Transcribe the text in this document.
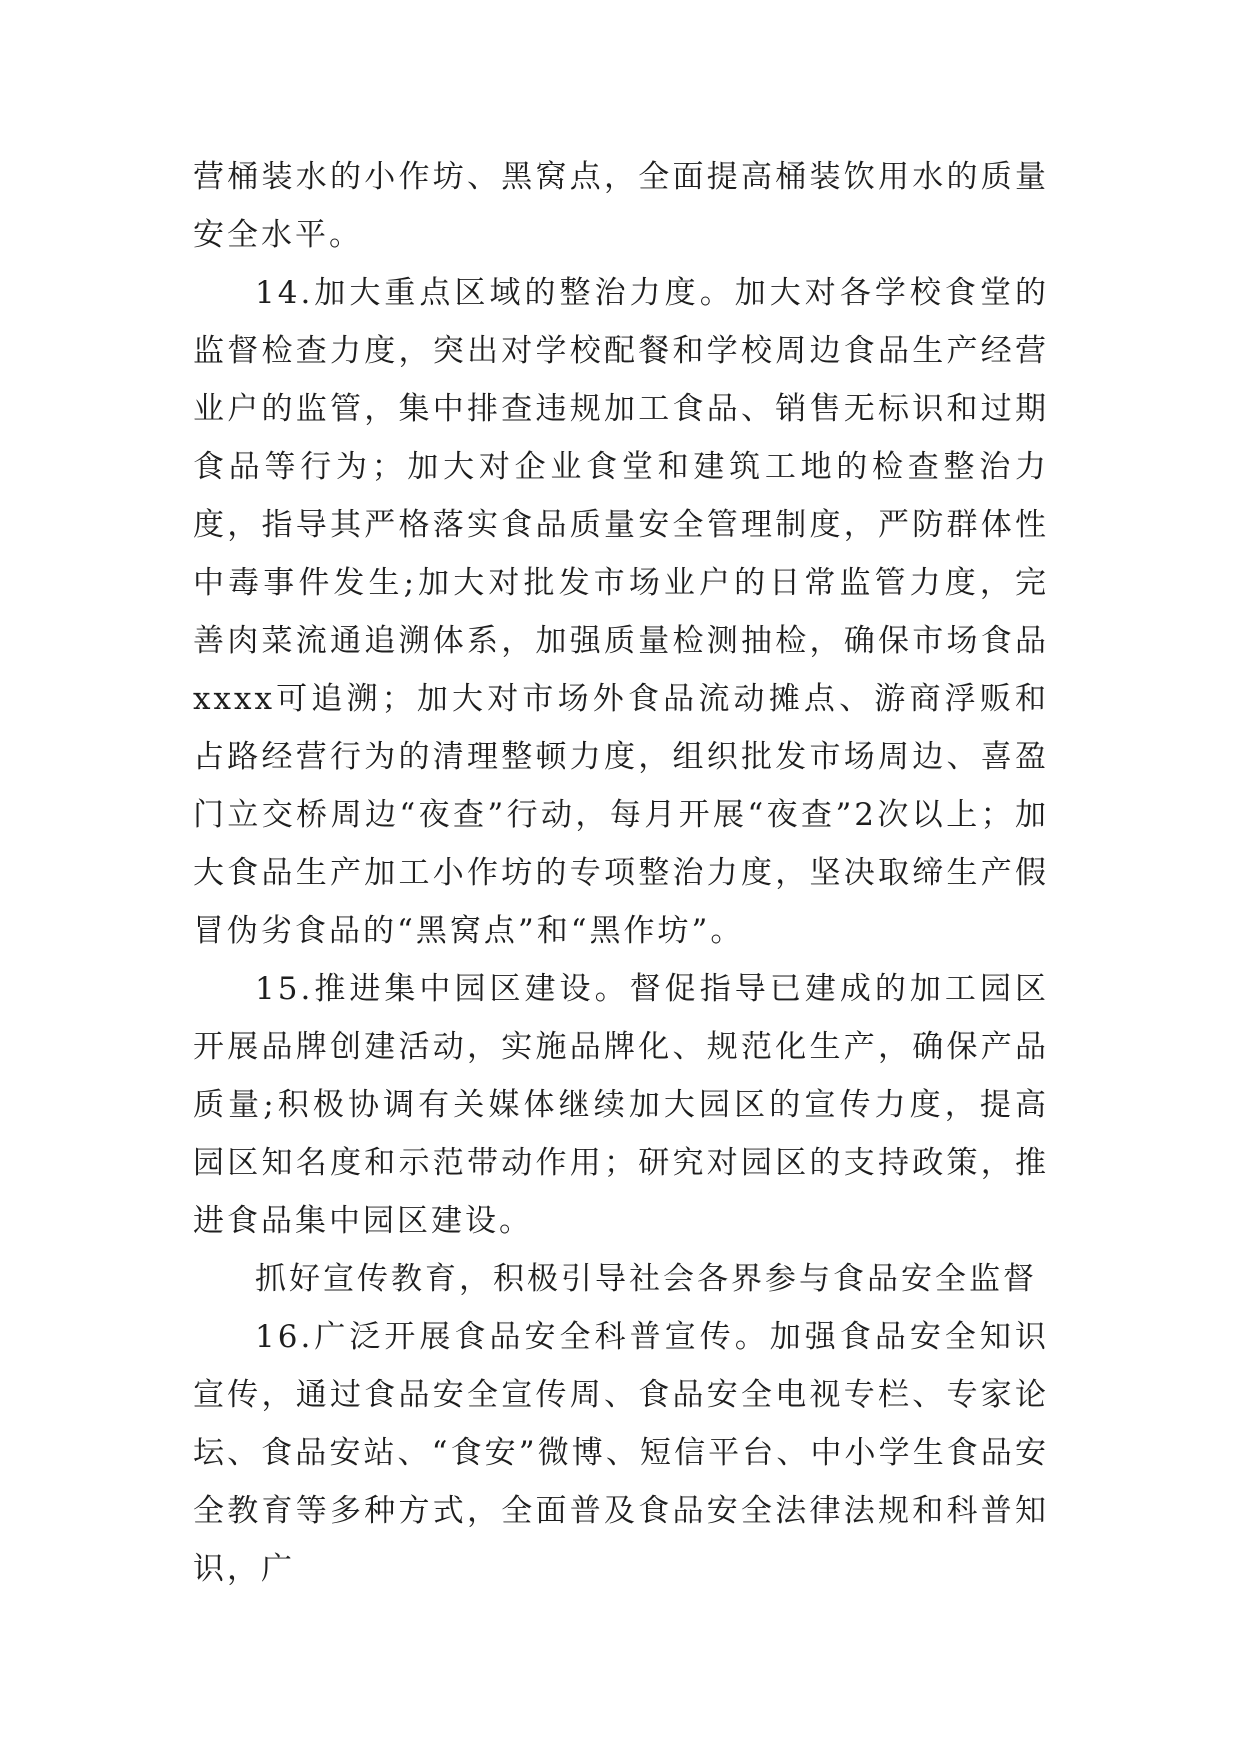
营桶装水的小作坊、黑窝点，全面提高桶装饮用水的质量安全水平。

14.加大重点区域的整治力度。加大对各学校食堂的监督检查力度，突出对学校配餐和学校周边食品生产经营业户的监管，集中排查违规加工食品、销售无标识和过期食品等行为；加大对企业食堂和建筑工地的检查整治力度，指导其严格落实食品质量安全管理制度，严防群体性中毒事件发生;加大对批发市场业户的日常监管力度，完善肉菜流通追溯体系，加强质量检测抽检，确保市场食品xxxx可追溯；加大对市场外食品流动摊点、游商浮贩和占路经营行为的清理整顿力度，组织批发市场周边、喜盈门立交桥周边“夜查”行动，每月开展“夜查”2次以上；加大食品生产加工小作坊的专项整治力度，坚决取缔生产假冒伪劣食品的“黑窝点”和“黑作坊”。

15.推进集中园区建设。督促指导已建成的加工园区开展品牌创建活动，实施品牌化、规范化生产，确保产品质量;积极协调有关媒体继续加大园区的宣传力度，提高园区知名度和示范带动作用；研究对园区的支持政策，推进食品集中园区建设。

抓好宣传教育，积极引导社会各界参与食品安全监督

16.广泛开展食品安全科普宣传。加强食品安全知识宣传，通过食品安全宣传周、食品安全电视专栏、专家论坛、食品安站、“食安”微博、短信平台、中小学生食品安全教育等多种方式，全面普及食品安全法律法规和科普知识，广
